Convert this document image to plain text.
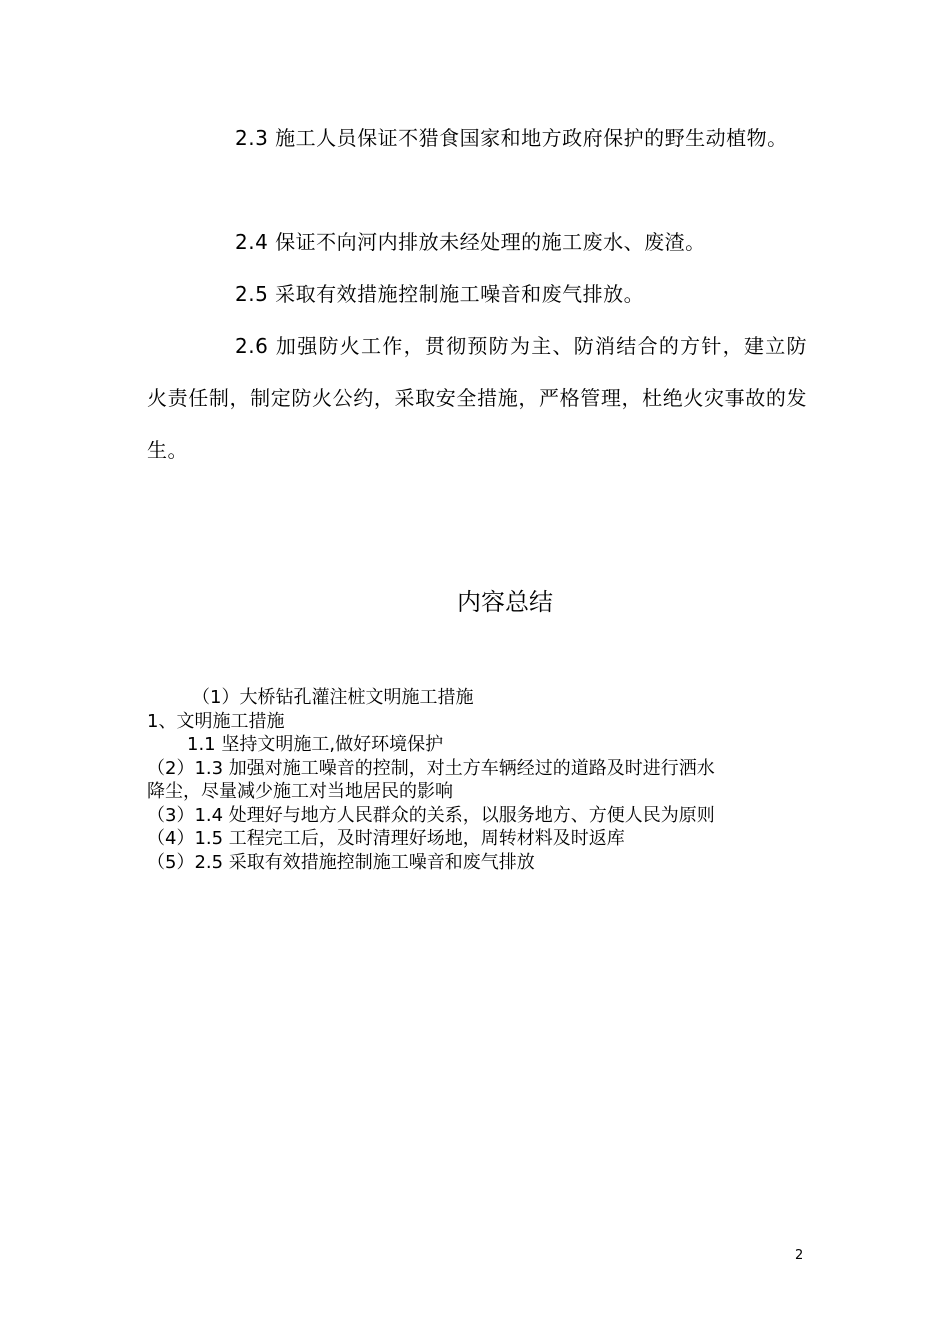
2.3 施工人员保证不猎食国家和地方政府保护的野生动植物。

2.4 保证不向河内排放未经处理的施工废水、废渣。

2.5 采取有效措施控制施工噪音和废气排放。

2.6 加强防火工作，贯彻预防为主、防消结合的方针，建立防火责任制，制定防火公约，采取安全措施，严格管理，杜绝火灾事故的发生。

内容总结
（1）大桥钻孔灌注桩文明施工措施
1、文明施工措施
1.1 坚持文明施工,做好环境保护
（2）1.3 加强对施工噪音的控制，对土方车辆经过的道路及时进行洒水
降尘，尽量减少施工对当地居民的影响
（3）1.4 处理好与地方人民群众的关系，以服务地方、方便人民为原则
（4）1.5 工程完工后，及时清理好场地，周转材料及时返库
（5）2.5 采取有效措施控制施工噪音和废气排放
2
